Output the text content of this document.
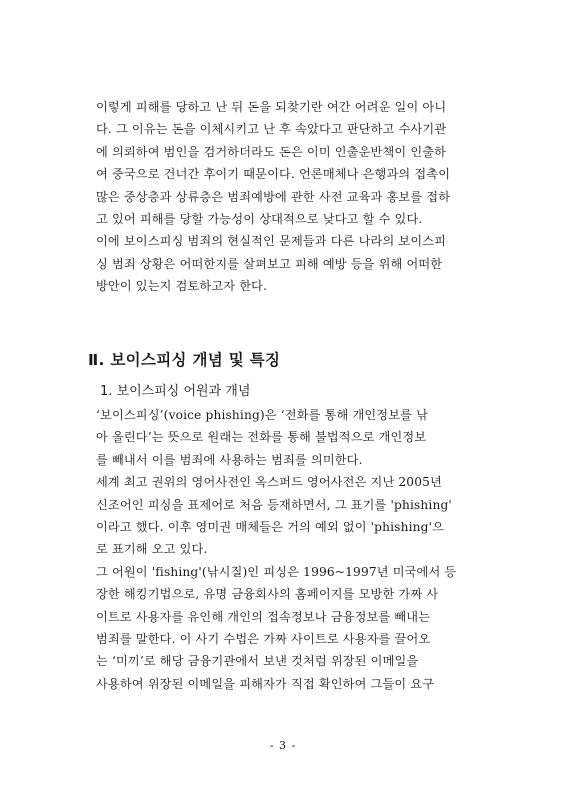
이렇게 피해를 당하고 난 뒤 돈을 되찾기란 여간 어려운 일이 아니
다. 그 이유는 돈을 이체시키고 난 후 속았다고 판단하고 수사기관
에 의뢰하여 범인을 검거하더라도 돈은 이미 인출운반책이 인출하
여 중국으로 건너간 후이기 때문이다. 언론매체나 은행과의 접촉이
많은 중상층과 상류층은 범죄예방에 관한 사전 교육과 홍보를 접하
고 있어 피해를 당할 가능성이 상대적으로 낮다고 할 수 있다.
이에 보이스피싱 범죄의 현실적인 문제들과 다른 나라의 보이스피
싱 범죄 상황은 어떠한지를 살펴보고 피해 예방 등을 위해 어떠한
방안이 있는지 검토하고자 한다.
Ⅱ. 보이스피싱 개념 및 특징
1. 보이스피싱 어원과 개념
‘보이스피싱’(voice phishing)은 ‘전화를 통해 개인정보를 낚
아 올린다’는 뜻으로 원래는 전화를 통해 불법적으로 개인정보
를 빼내서 이를 범죄에 사용하는 범죄를 의미한다.
세계 최고 권위의 영어사전인 옥스퍼드 영어사전은 지난 2005년
신조어인 피싱을 표제어로 처음 등재하면서, 그 표기를 'phishing'
이라고 했다. 이후 영미권 매체들은 거의 예외 없이 'phishing'으
로 표기해 오고 있다.
그 어원이 'fishing'(낚시질)인 피싱은 1996~1997년 미국에서 등
장한 해킹기법으로, 유명 금융회사의 홈페이지를 모방한 가짜 사
이트로 사용자를 유인해 개인의 접속정보나 금융정보를 빼내는
범죄를 말한다. 이 사기 수법은 가짜 사이트로 사용자를 끌어오
는 ‘미끼’로 해당 금융기관에서 보낸 것처럼 위장된 이메일을
사용하여 위장된 이메일을 피해자가 직접 확인하여 그들이 요구
- 3 -
